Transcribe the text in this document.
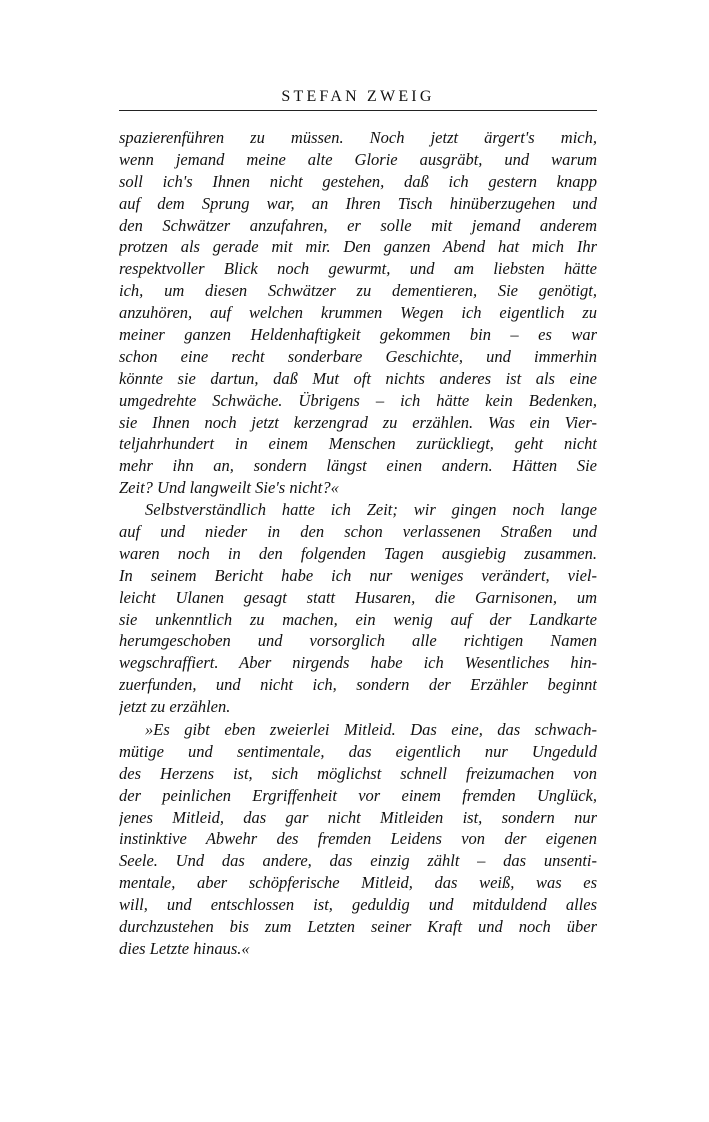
STEFAN ZWEIG
spazierenführen zu müssen. Noch jetzt ärgert's mich,
wenn jemand meine alte Glorie ausgräbt, und warum
soll ich's Ihnen nicht gestehen, daß ich gestern knapp
auf dem Sprung war, an Ihren Tisch hinüberzugehen und
den Schwätzer anzufahren, er solle mit jemand anderem
protzen als gerade mit mir. Den ganzen Abend hat mich Ihr
respektvoller Blick noch gewurmt, und am liebsten hätte
ich, um diesen Schwätzer zu dementieren, Sie genötigt,
anzuhören, auf welchen krummen Wegen ich eigentlich zu
meiner ganzen Heldenhaftigkeit gekommen bin – es war
schon eine recht sonderbare Geschichte, und immerhin
könnte sie dartun, daß Mut oft nichts anderes ist als eine
umgedrehte Schwäche. Übrigens – ich hätte kein Bedenken,
sie Ihnen noch jetzt kerzengrad zu erzählen. Was ein Vier-
teljahrhundert in einem Menschen zurückliegt, geht nicht
mehr ihn an, sondern längst einen andern. Hätten Sie
Zeit? Und langweilt Sie's nicht?«
Selbstverständlich hatte ich Zeit; wir gingen noch lange
auf und nieder in den schon verlassenen Straßen und
waren noch in den folgenden Tagen ausgiebig zusammen.
In seinem Bericht habe ich nur weniges verändert, viel-
leicht Ulanen gesagt statt Husaren, die Garnisonen, um
sie unkenntlich zu machen, ein wenig auf der Landkarte
herumgeschoben und vorsorglich alle richtigen Namen
wegschraffiert. Aber nirgends habe ich Wesentliches hin-
zuerfunden, und nicht ich, sondern der Erzähler beginnt
jetzt zu erzählen.
»Es gibt eben zweierlei Mitleid. Das eine, das schwach-
mütige und sentimentale, das eigentlich nur Ungeduld
des Herzens ist, sich möglichst schnell freizumachen von
der peinlichen Ergriffenheit vor einem fremden Unglück,
jenes Mitleid, das gar nicht Mitleiden ist, sondern nur
instinktive Abwehr des fremden Leidens von der eigenen
Seele. Und das andere, das einzig zählt – das unsenti-
mentale, aber schöpferische Mitleid, das weiß, was es
will, und entschlossen ist, geduldig und mitduldend alles
durchzustehen bis zum Letzten seiner Kraft und noch über
dies Letzte hinaus.«
